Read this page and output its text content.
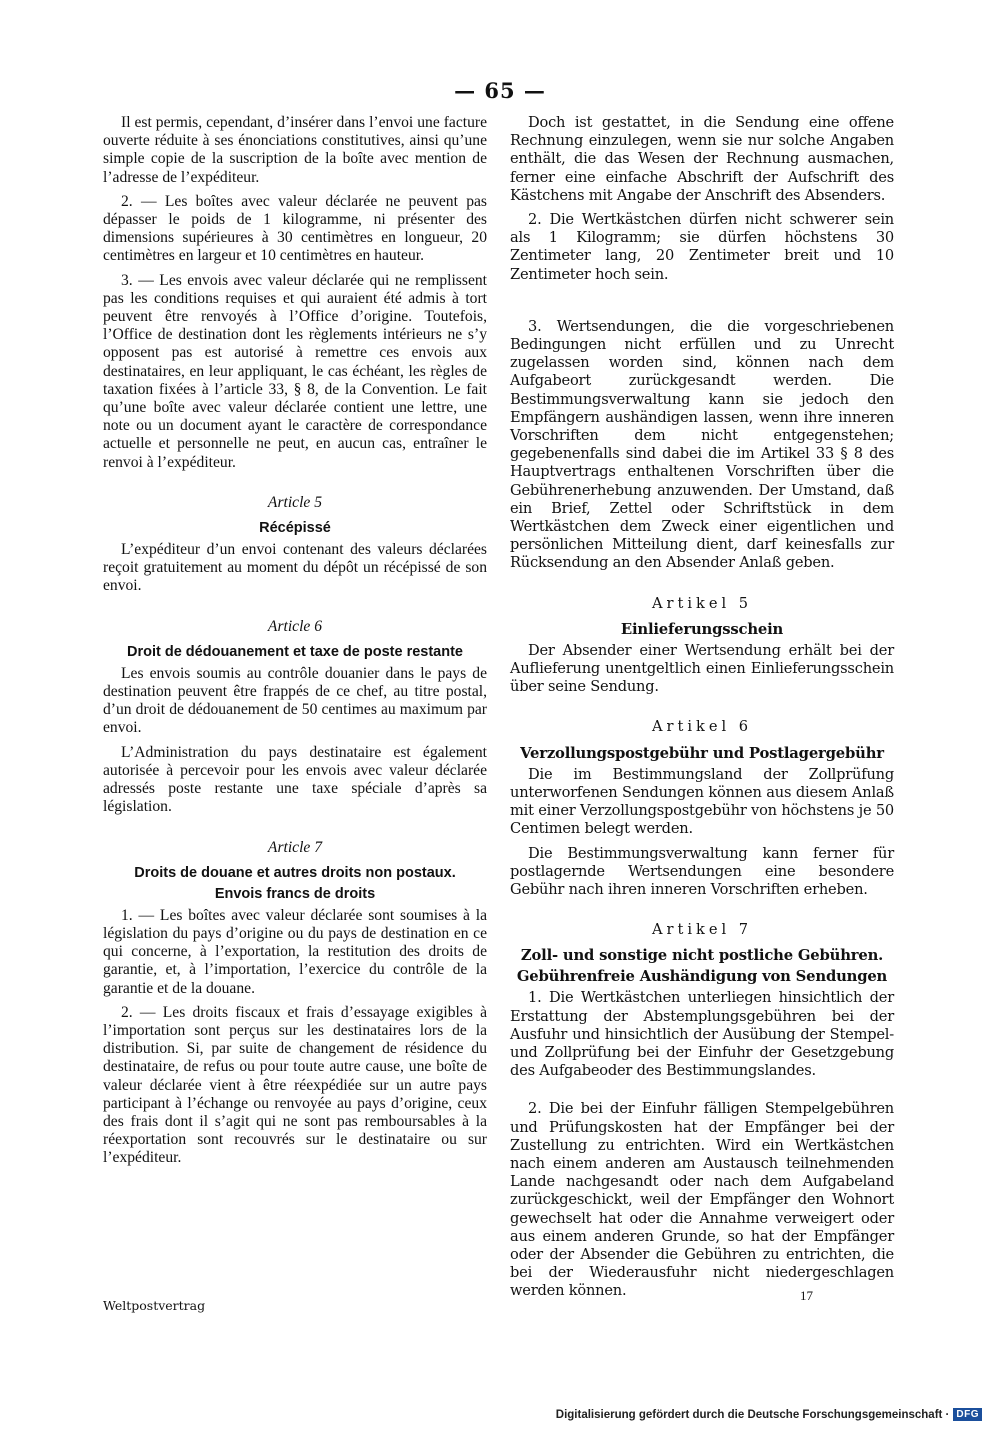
— 65 —

Il est permis, cependant, d’insérer dans l’envoi une facture ouverte réduite à ses énonciations constitutives, ainsi qu’une simple copie de la suscription de la boîte avec mention de l’adresse de l’expéditeur.

2. — Les boîtes avec valeur déclarée ne peuvent pas dépasser le poids de 1 kilogramme, ni présenter des dimensions supérieures à 30 centimètres en longueur, 20 centimètres en largeur et 10 centimètres en hauteur.

3. — Les envois avec valeur déclarée qui ne remplissent pas les conditions requises et qui auraient été admis à tort peuvent être renvoyés à l’Office d’origine. Toutefois, l’Office de destination dont les règlements intérieurs ne s’y opposent pas est autorisé à remettre ces envois aux destinataires, en leur appliquant, le cas échéant, les règles de taxation fixées à l’article 33, § 8, de la Convention. Le fait qu’une boîte avec valeur déclarée contient une lettre, une note ou un document ayant le caractère de correspondance actuelle et personnelle ne peut, en aucun cas, entraîner le renvoi à l’expéditeur.

Article 5
Récépissé

L’expéditeur d’un envoi contenant des valeurs déclarées reçoit gratuitement au moment du dépôt un récépissé de son envoi.

Article 6
Droit de dédouanement et taxe de poste restante

Les envois soumis au contrôle douanier dans le pays de destination peuvent être frappés de ce chef, au titre postal, d’un droit de dédouanement de 50 centimes au maximum par envoi.

L’Administration du pays destinataire est également autorisée à percevoir pour les envois avec valeur déclarée adressés poste restante une taxe spéciale d’après sa législation.

Article 7
Droits de douane et autres droits non postaux.
Envois francs de droits

1. — Les boîtes avec valeur déclarée sont soumises à la législation du pays d’origine ou du pays de destination en ce qui concerne, à l’exportation, la restitution des droits de garantie, et, à l’importation, l’exercice du contrôle de la garantie et de la douane.

2. — Les droits fiscaux et frais d’essayage exigibles à l’importation sont perçus sur les destinataires lors de la distribution. Si, par suite de changement de résidence du destinataire, de refus ou pour toute autre cause, une boîte de valeur déclarée vient à être réexpédiée sur un autre pays participant à l’échange ou renvoyée au pays d’origine, ceux des frais dont il s’agit qui ne sont pas remboursables à la réexportation sont recouvrés sur le destinataire ou sur l’expéditeur.

Doch ist gestattet, in die Sendung eine offene Rechnung einzulegen, wenn sie nur solche Angaben enthält, die das Wesen der Rechnung ausmachen, ferner eine einfache Abschrift der Aufschrift des Kästchens mit Angabe der Anschrift des Absenders.

2. Die Wertkästchen dürfen nicht schwerer sein als 1 Kilogramm; sie dürfen höchstens 30 Zentimeter lang, 20 Zentimeter breit und 10 Zentimeter hoch sein.

3. Wertsendungen, die die vorgeschriebenen Bedingungen nicht erfüllen und zu Unrecht zugelassen worden sind, können nach dem Aufgabeort zurückgesandt werden. Die Bestimmungsverwaltung kann sie jedoch den Empfängern aushändigen lassen, wenn ihre inneren Vorschriften dem nicht entgegenstehen; gegebenenfalls sind dabei die im Artikel 33 § 8 des Hauptvertrags enthaltenen Vorschriften über die Gebührenerhebung anzuwenden. Der Umstand, daß ein Brief, Zettel oder Schriftstück in dem Wertkästchen dem Zweck einer eigentlichen und persönlichen Mitteilung dient, darf keinesfalls zur Rücksendung an den Absender Anlaß geben.

Artikel 5
Einlieferungsschein

Der Absender einer Wertsendung erhält bei der Auflieferung unentgeltlich einen Einlieferungsschein über seine Sendung.

Artikel 6
Verzollungspostgebühr und Postlagergebühr

Die im Bestimmungsland der Zollprüfung unterworfenen Sendungen können aus diesem Anlaß mit einer Verzollungspostgebühr von höchstens je 50 Centimen belegt werden.

Die Bestimmungsverwaltung kann ferner für postlagernde Wertsendungen eine besondere Gebühr nach ihren inneren Vorschriften erheben.

Artikel 7
Zoll- und sonstige nicht postliche Gebühren.
Gebührenfreie Aushändigung von Sendungen

1. Die Wertkästchen unterliegen hinsichtlich der Erstattung der Abstemplungsgebühren bei der Ausfuhr und hinsichtlich der Ausübung der Stempel- und Zollprüfung bei der Einfuhr der Gesetzgebung des Aufgabeoder des Bestimmungslandes.

2. Die bei der Einfuhr fälligen Stempelgebühren und Prüfungskosten hat der Empfänger bei der Zustellung zu entrichten. Wird ein Wertkästchen nach einem anderen am Austausch teilnehmenden Lande nachgesandt oder nach dem Aufgabeland zurückgeschickt, weil der Empfänger den Wohnort gewechselt hat oder die Annahme verweigert oder aus einem anderen Grunde, so hat der Empfänger oder der Absender die Gebühren zu entrichten, die bei der Wiederausfuhr nicht niedergeschlagen werden können.

Weltpostvertrag
17
Digitalisierung gefördert durch die Deutsche Forschungsgemeinschaft · DFG
